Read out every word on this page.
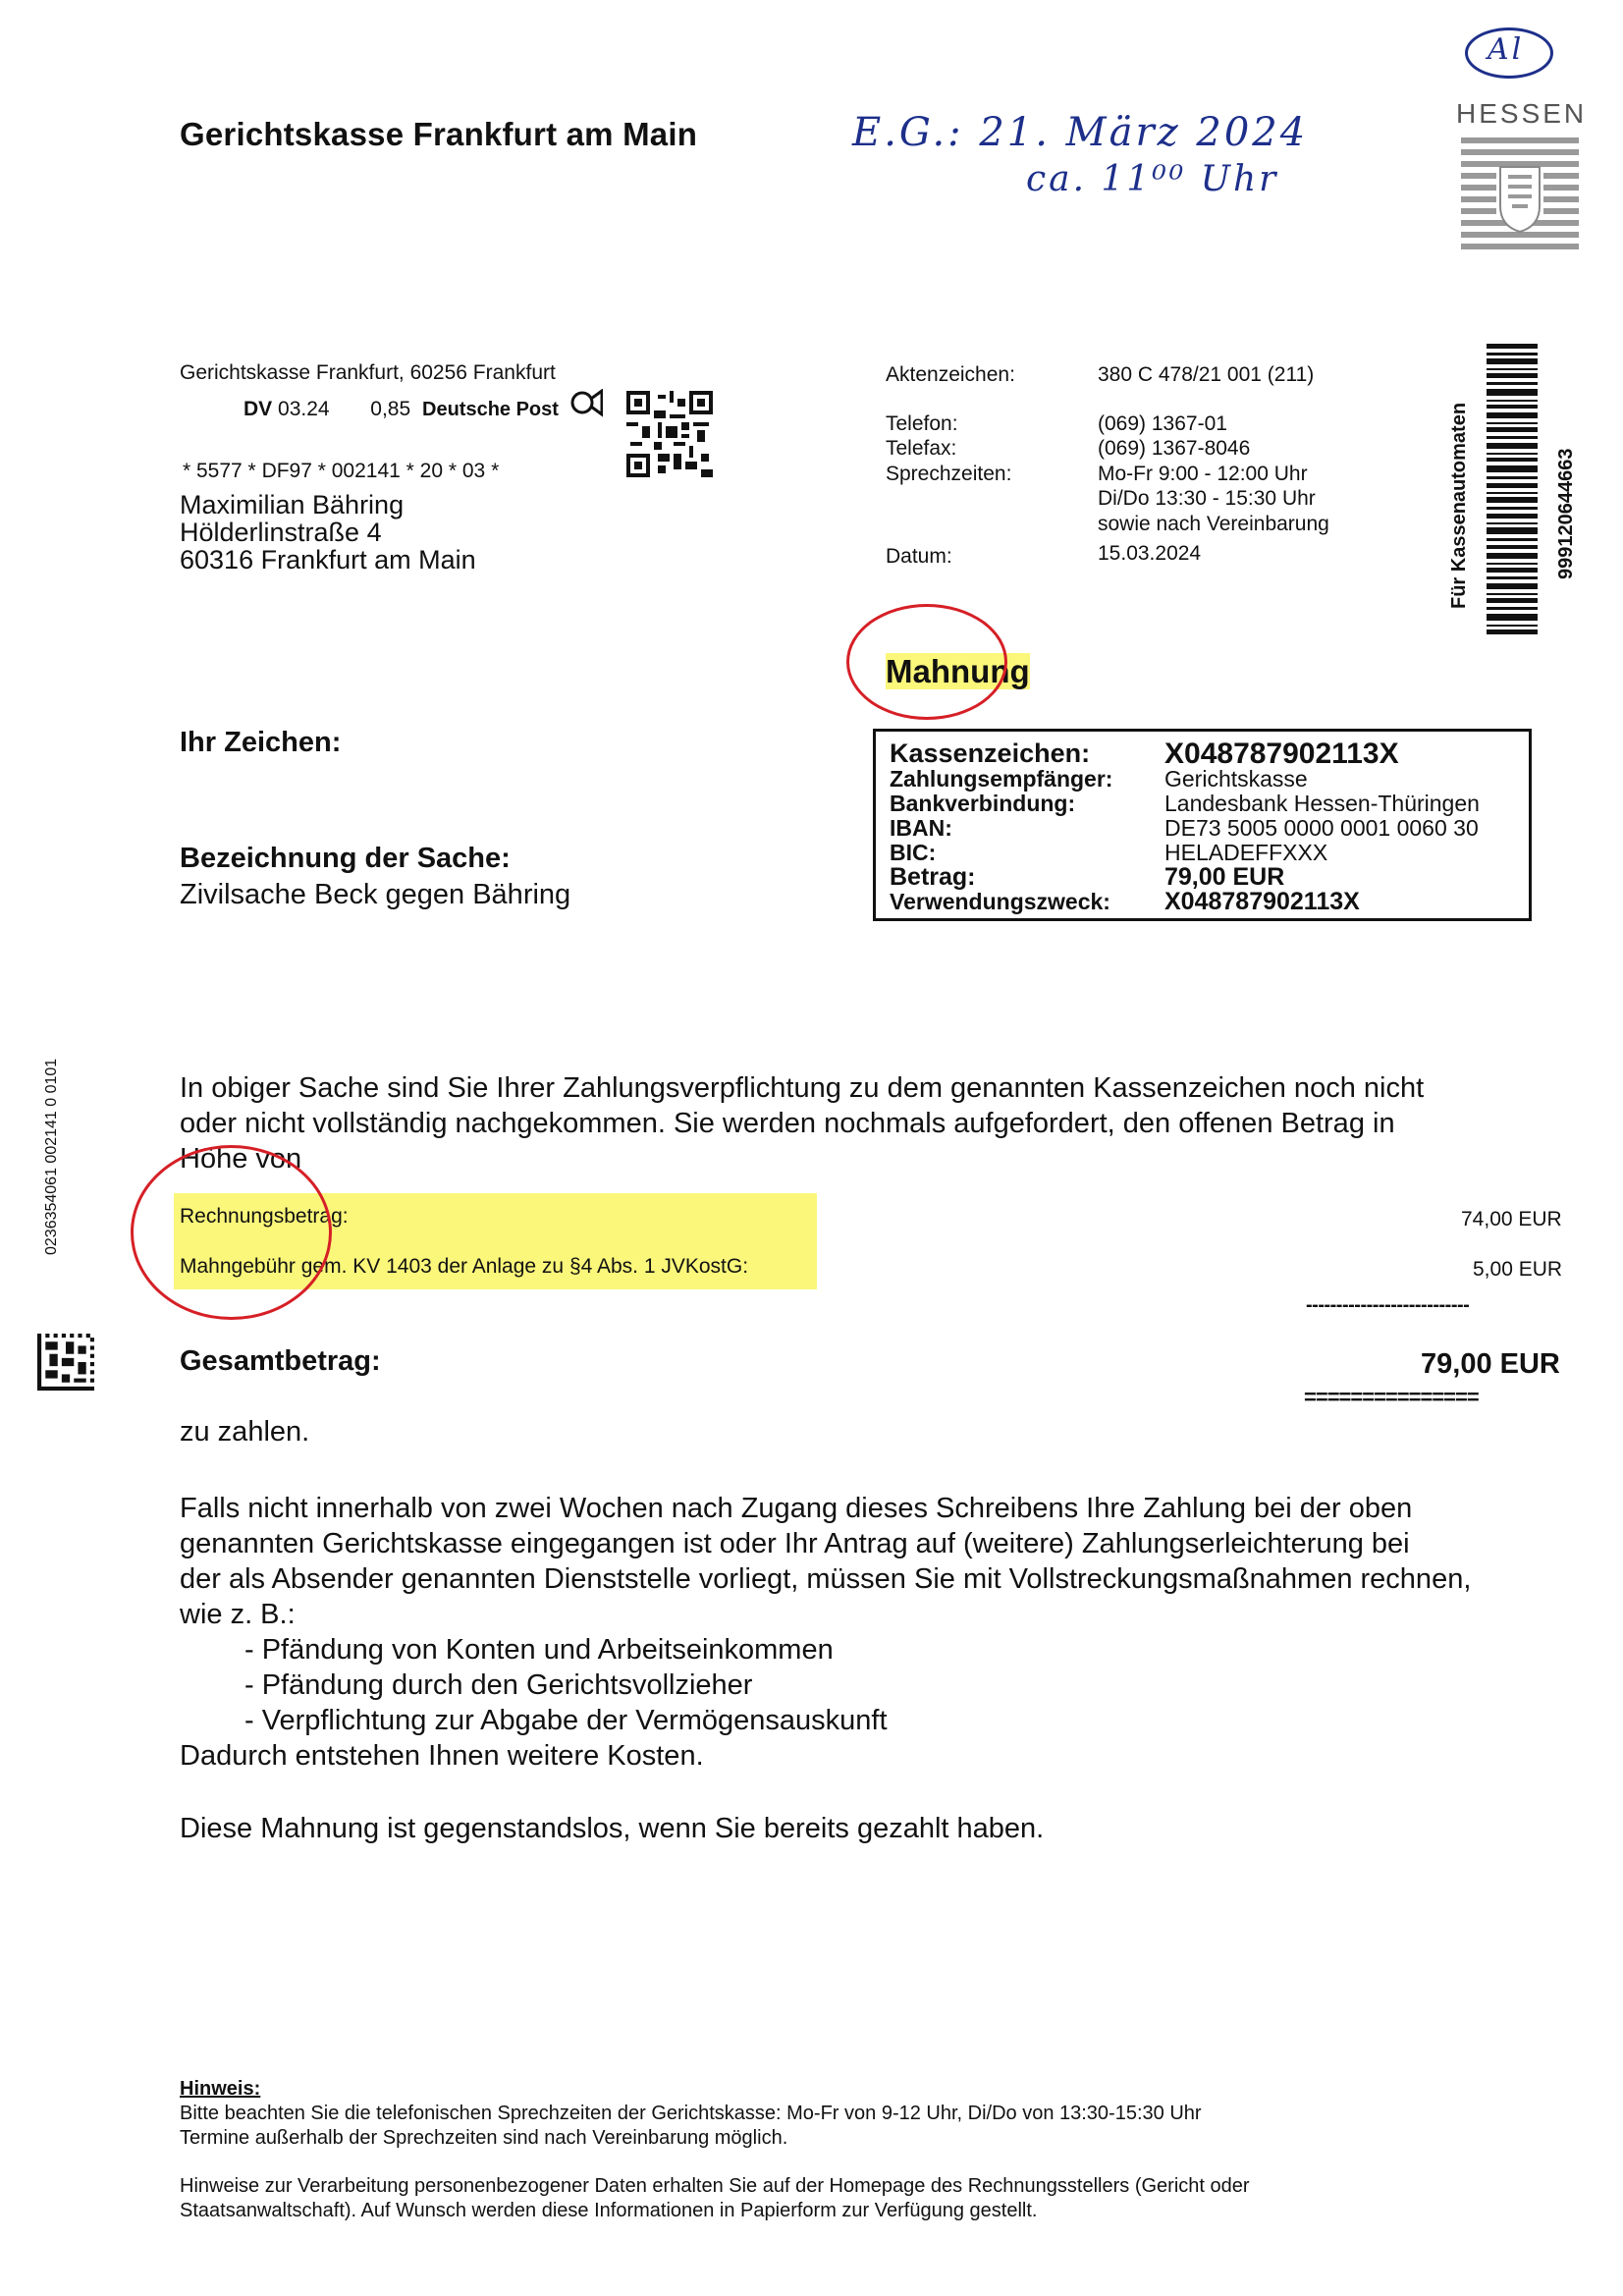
Gerichtskasse Frankfurt am Main	E.G.: 21. März 2024
ca. 11⁰⁰ Uhr
Al
HESSEN
Gerichtskasse Frankfurt, 60256 Frankfurt
DV 03.24 0,85 Deutsche Post
* 5577 * DF97 * 002141 * 20 * 03 *
Maximilian Bähring
Hölderlinstraße 4
60316 Frankfurt am Main
Aktenzeichen:	380 C 478/21 001 (211)
Telefon:	(069) 1367-01
Telefax:	(069) 1367-8046
Sprechzeiten:	Mo-Fr 9:00 - 12:00 Uhr
Di/Do 13:30 - 15:30 Uhr
sowie nach Vereinbarung
Datum:	15.03.2024	Für Kassenautomaten	999120644663
0236354061 002141 0 0101
Mahnung
Ihr Zeichen:
Bezeichnung der Sache:
Zivilsache Beck gegen Bähring
Kassenzeichen:	X048787902113X
Zahlungsempfänger: Gerichtskasse
Bankverbindung:	Landesbank Hessen-Thüringen
IBAN:	DE73 5005 0000 0001 0060 30
BIC:	HELADEFFXXX
Betrag:	79,00 EUR
Verwendungszweck: X048787902113X
In obiger Sache sind Sie Ihrer Zahlungsverpflichtung zu dem genannten Kassenzeichen noch nicht
oder nicht vollständig nachgekommen. Sie werden nochmals aufgefordert, den offenen Betrag in
Höhe von
Rechnungsbetrag:	74,00 EUR
Mahngebühr gem. KV 1403 der Anlage zu §4 Abs. 1 JVKostG:	5,00 EUR
---------------------------
Gesamtbetrag:	79,00 EUR
===============
zu zahlen.
Falls nicht innerhalb von zwei Wochen nach Zugang dieses Schreibens Ihre Zahlung bei der oben
genannten Gerichtskasse eingegangen ist oder Ihr Antrag auf (weitere) Zahlungserleichterung bei
der als Absender genannten Dienststelle vorliegt, müssen Sie mit Vollstreckungsmaßnahmen rechnen,
wie z. B.:
- Pfändung von Konten und Arbeitseinkommen
- Pfändung durch den Gerichtsvollzieher
- Verpflichtung zur Abgabe der Vermögensauskunft
Dadurch entstehen Ihnen weitere Kosten.
Diese Mahnung ist gegenstandslos, wenn Sie bereits gezahlt haben.
Hinweis:
Bitte beachten Sie die telefonischen Sprechzeiten der Gerichtskasse: Mo-Fr von 9-12 Uhr, Di/Do von 13:30-15:30 Uhr
Termine außerhalb der Sprechzeiten sind nach Vereinbarung möglich.
Hinweise zur Verarbeitung personenbezogener Daten erhalten Sie auf der Homepage des Rechnungsstellers (Gericht oder
Staatsanwaltschaft). Auf Wunsch werden diese Informationen in Papierform zur Verfügung gestellt.
